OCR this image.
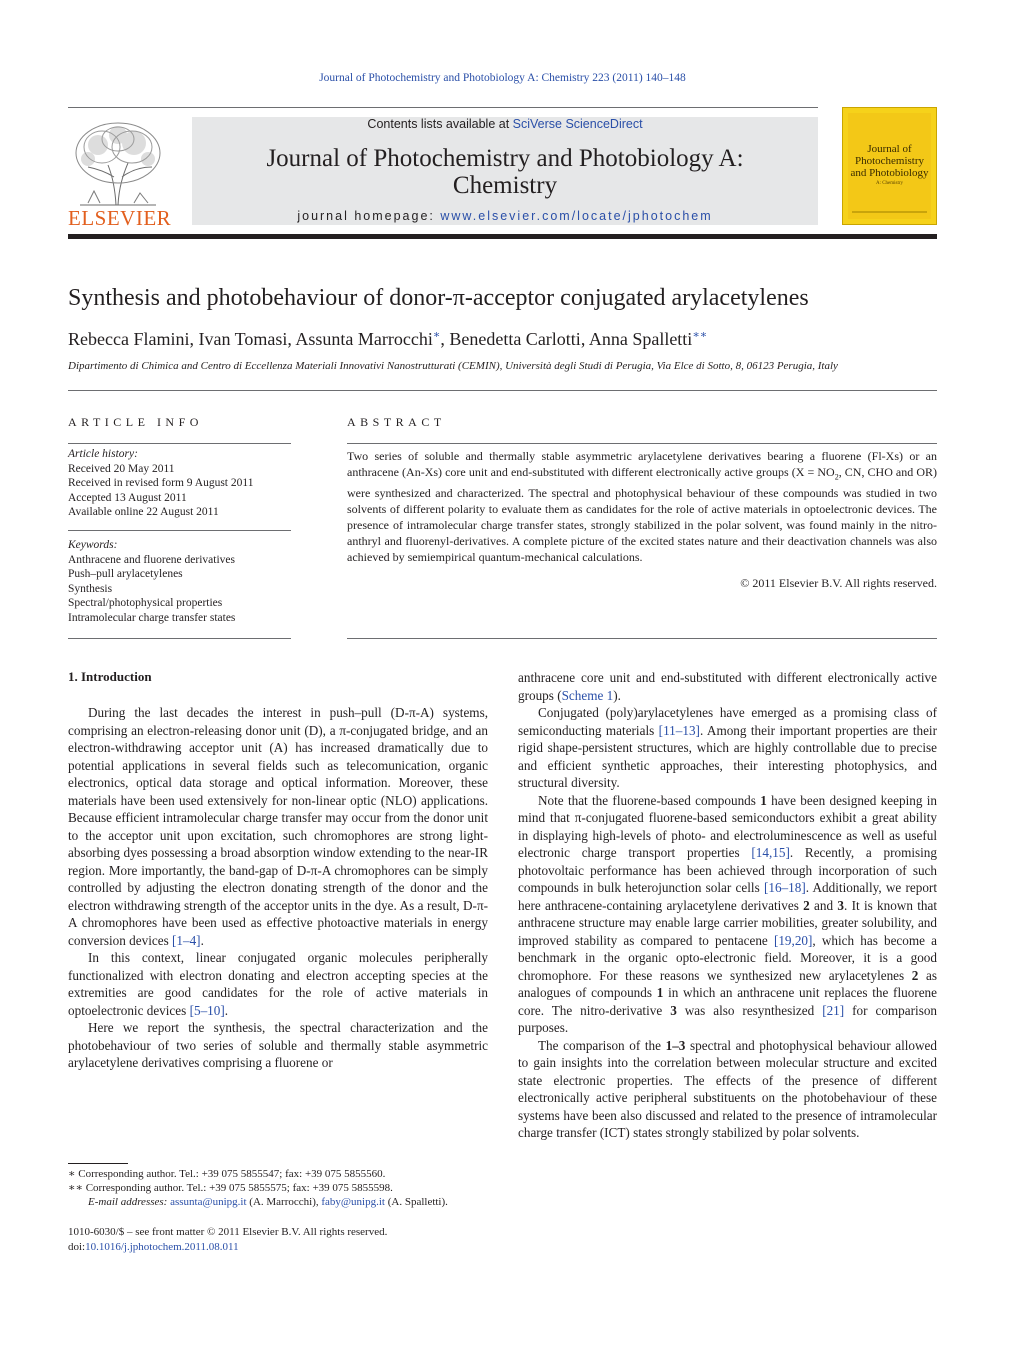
Journal of Photochemistry and Photobiology A: Chemistry 223 (2011) 140–148
ELSEVIER
Contents lists available at SciVerse ScienceDirect
Journal of Photochemistry and Photobiology A:
Chemistry
journal homepage: www.elsevier.com/locate/jphotochem
Journal of Photochemistry and Photobiology
A: Chemistry
Synthesis and photobehaviour of donor-π-acceptor conjugated arylacetylenes
Rebecca Flamini, Ivan Tomasi, Assunta Marrocchi∗, Benedetta Carlotti, Anna Spalletti∗∗
Dipartimento di Chimica and Centro di Eccellenza Materiali Innovativi Nanostrutturati (CEMIN), Università degli Studi di Perugia, Via Elce di Sotto, 8, 06123 Perugia, Italy
ARTICLE INFO	ABSTRACT
Article history:
Received 20 May 2011
Received in revised form 9 August 2011
Accepted 13 August 2011
Available online 22 August 2011
Keywords:
Anthracene and fluorene derivatives
Push–pull arylacetylenes
Synthesis
Spectral/photophysical properties
Intramolecular charge transfer states
Two series of soluble and thermally stable asymmetric arylacetylene derivatives bearing a fluorene (Fl-Xs) or an anthracene (An-Xs) core unit and end-substituted with different electronically active groups ($X = NO_2$, CN, CHO and OR) were synthesized and characterized. The spectral and photophysical behaviour of these compounds was studied in two solvents of different polarity to evaluate them as candidates for the role of active materials in optoelectronic devices. The presence of intramolecular charge transfer states, strongly stabilized in the polar solvent, was found mainly in the nitro-anthryl and fluorenyl-derivatives. A complete picture of the excited states nature and their deactivation channels was also achieved by semiempirical quantum-mechanical calculations.
© 2011 Elsevier B.V. All rights reserved.
1. Introduction

During the last decades the interest in push–pull (D-π-A) systems, comprising an electron-releasing donor unit (D), a π-conjugated bridge, and an electron-withdrawing acceptor unit (A) has increased dramatically due to potential applications in several fields such as telecomunication, organic electronics, optical data storage and optical information. Moreover, these materials have been used extensively for non-linear optic (NLO) applications. Because efficient intramolecular charge transfer may occur from the donor unit to the acceptor unit upon excitation, such chromophores are strong light-absorbing dyes possessing a broad absorption window extending to the near-IR region. More importantly, the band-gap of D-π-A chromophores can be simply controlled by adjusting the electron donating strength of the donor and the electron withdrawing strength of the acceptor units in the dye. As a result, D-π-A chromophores have been used as effective photoactive materials in energy conversion devices [1–4].

In this context, linear conjugated organic molecules peripherally functionalized with electron donating and electron accepting species at the extremities are good candidates for the role of active materials in optoelectronic devices [5–10].

Here we report the synthesis, the spectral characterization and the photobehaviour of two series of soluble and thermally stable asymmetric arylacetylene derivatives comprising a fluorene or

anthracene core unit and end-substituted with different electronically active groups (Scheme 1).

Conjugated (poly)arylacetylenes have emerged as a promising class of semiconducting materials [11–13]. Among their important properties are their rigid shape-persistent structures, which are highly controllable due to precise and efficient synthetic approaches, their interesting photophysics, and structural diversity.

Note that the fluorene-based compounds 1 have been designed keeping in mind that π-conjugated fluorene-based semiconductors exhibit a great ability in displaying high-levels of photo- and electroluminescence as well as useful electronic charge transport properties [14,15]. Recently, a promising photovoltaic performance has been achieved through incorporation of such compounds in bulk heterojunction solar cells [16–18]. Additionally, we report here anthracene-containing arylacetylene derivatives 2 and 3. It is known that anthracene structure may enable large carrier mobilities, greater solubility, and improved stability as compared to pentacene [19,20], which has become a benchmark in the organic opto-electronic field. Moreover, it is a good chromophore. For these reasons we synthesized new arylacetylenes 2 as analogues of compounds 1 in which an anthracene unit replaces the fluorene core. The nitro-derivative 3 was also resynthesized [21] for comparison purposes.

The comparison of the 1–3 spectral and photophysical behaviour allowed to gain insights into the correlation between molecular structure and excited state electronic properties. The effects of the presence of different electronically active peripheral substituents on the photobehaviour of these systems have been also discussed and related to the presence of intramolecular charge transfer (ICT) states strongly stabilized by polar solvents.

∗ Corresponding author. Tel.: +39 075 5855547; fax: +39 075 5855560.
∗∗ Corresponding author. Tel.: +39 075 5855575; fax: +39 075 5855598.
E-mail addresses: assunta@unipg.it (A. Marrocchi), faby@unipg.it (A. Spalletti).
1010-6030/$ – see front matter © 2011 Elsevier B.V. All rights reserved.
doi:10.1016/j.jphotochem.2011.08.011
